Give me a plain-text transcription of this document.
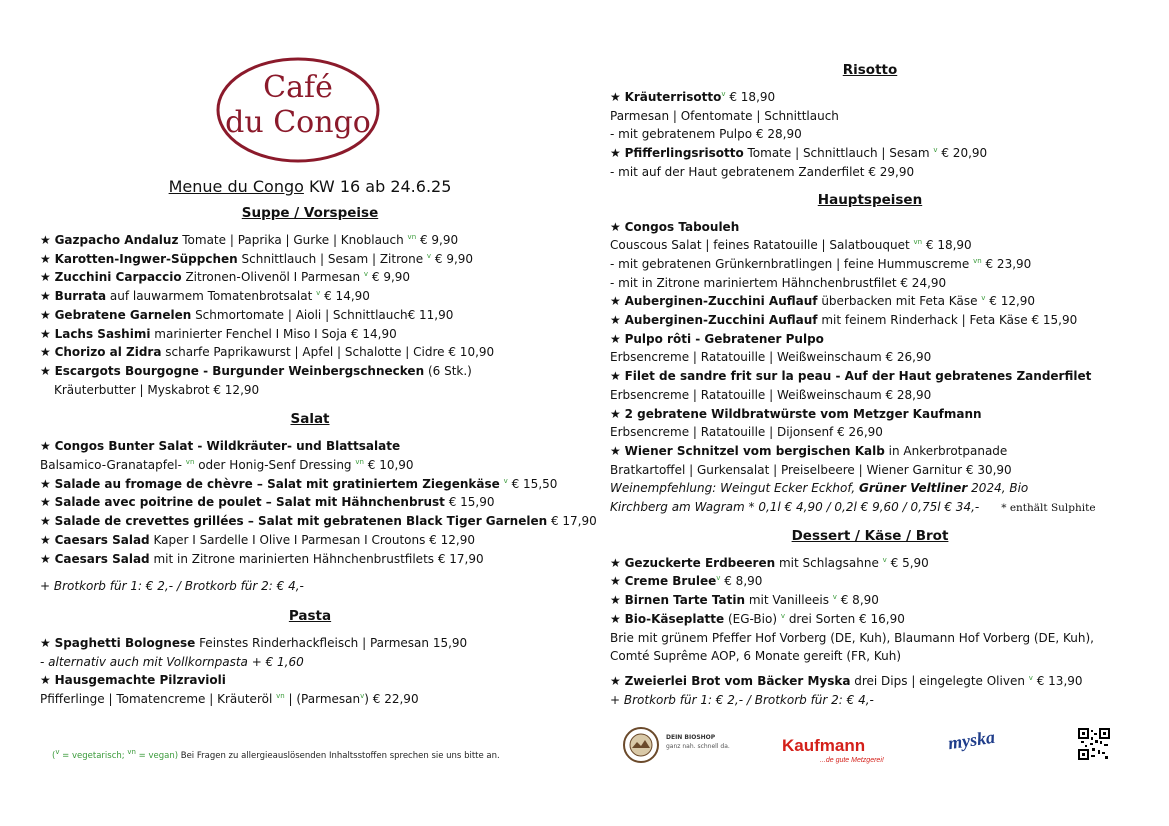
Café
du Congo
Menue du Congo KW 16 ab 24.6.25
Suppe / Vorspeise
★ Gazpacho Andaluz Tomate | Paprika | Gurke | Knoblauch $^{vn}$ € 9,90
★ Karotten-Ingwer-Süppchen Schnittlauch | Sesam | Zitrone $^v$ € 9,90
★ Zucchini Carpaccio Zitronen-Olivenöl I Parmesan $^v$ € 9,90
★ Burrata auf lauwarmem Tomatenbrotsalat $^v$ € 14,90
★ Gebratene Garnelen Schmortomate | Aioli | Schnittlauch€ 11,90
★ Lachs Sashimi marinierter Fenchel I Miso I Soja € 14,90
★ Chorizo al Zidra scharfe Paprikawurst | Apfel | Schalotte | Cidre € 10,90
★ Escargots Bourgogne - Burgunder Weinbergschnecken (6 Stk.)
Kräuterbutter | Myskabrot € 12,90
Salat
★ Congos Bunter Salat - Wildkräuter- und Blattsalate
Balsamico-Granatapfel- $^{vn}$ oder Honig-Senf Dressing $^{vn}$ € 10,90
★ Salade au fromage de chèvre – Salat mit gratiniertem Ziegenkäse $^v$ € 15,50
★ Salade avec poitrine de poulet – Salat mit Hähnchenbrust € 15,90
★ Salade de crevettes grillées – Salat mit gebratenen Black Tiger Garnelen € 17,90
★ Caesars Salad Kaper I Sardelle I Olive I Parmesan I Croutons € 12,90
★ Caesars Salad mit in Zitrone marinierten Hähnchenbrustfilets € 17,90
+ Brotkorb für 1: € 2,- / Brotkorb für 2: € 4,-
Pasta
★ Spaghetti Bolognese Feinstes Rinderhackfleisch | Parmesan 15,90
- alternativ auch mit Vollkornpasta + € 1,60
★ Hausgemachte Pilzravioli
Pfifferlinge | Tomatencreme | Kräuteröl $^{vn}$ | (Parmesan$^v$) € 22,90
($^v$ = vegetarisch; $^{vn}$ = vegan) Bei Fragen zu allergieauslösenden Inhaltsstoffen sprechen sie uns bitte an.
Risotto
★ Kräuterrisotto$^v$ € 18,90
Parmesan | Ofentomate | Schnittlauch
- mit gebratenem Pulpo € 28,90
★ Pfifferlingsrisotto Tomate | Schnittlauch | Sesam $^v$ € 20,90
- mit auf der Haut gebratenem Zanderfilet € 29,90
Hauptspeisen
★ Congos Tabouleh
Couscous Salat | feines Ratatouille | Salatbouquet $^{vn}$ € 18,90
- mit gebratenen Grünkernbratlingen | feine Hummuscreme $^{vn}$ € 23,90
- mit in Zitrone mariniertem Hähnchenbrustfilet € 24,90
★ Auberginen-Zucchini Auflauf überbacken mit Feta Käse $^v$ € 12,90
★ Auberginen-Zucchini Auflauf mit feinem Rinderhack | Feta Käse € 15,90
★ Pulpo rôti - Gebratener Pulpo
Erbsencreme | Ratatouille | Weißweinschaum € 26,90
★ Filet de sandre frit sur la peau - Auf der Haut gebratenes Zanderfilet
Erbsencreme | Ratatouille | Weißweinschaum € 28,90
★ 2 gebratene Wildbratwürste vom Metzger Kaufmann
Erbsencreme | Ratatouille | Dijonsenf € 26,90
★ Wiener Schnitzel vom bergischen Kalb in Ankerbrotpanade
Bratkartoffel | Gurkensalat | Preiselbeere | Wiener Garnitur € 30,90
Weinempfehlung: Weingut Ecker Eckhof, Grüner Veltliner 2024, Bio
Kirchberg am Wagram * 0,1l € 4,90 / 0,2l € 9,60 / 0,75l € 34,- * enthält Sulphite
Dessert / Käse / Brot
★ Gezuckerte Erdbeeren mit Schlagsahne $^v$ € 5,90
★ Creme Brulee$^v$ € 8,90
★ Birnen Tarte Tatin mit Vanilleeis $^v$ € 8,90
★ Bio-Käseplatte (EG-Bio) $^v$ drei Sorten € 16,90
Brie mit grünem Pfeffer Hof Vorberg (DE, Kuh), Blaumann Hof Vorberg (DE, Kuh),
Comté Suprême AOP, 6 Monate gereift (FR, Kuh)
★ Zweierlei Brot vom Bäcker Myska drei Dips | eingelegte Oliven $^v$ € 13,90
+ Brotkorb für 1: € 2,- / Brotkorb für 2: € 4,-
DEIN BIOSHOP
ganz nah. schnell da.	Kaufmann
...de gute Metzgerei!
myska
